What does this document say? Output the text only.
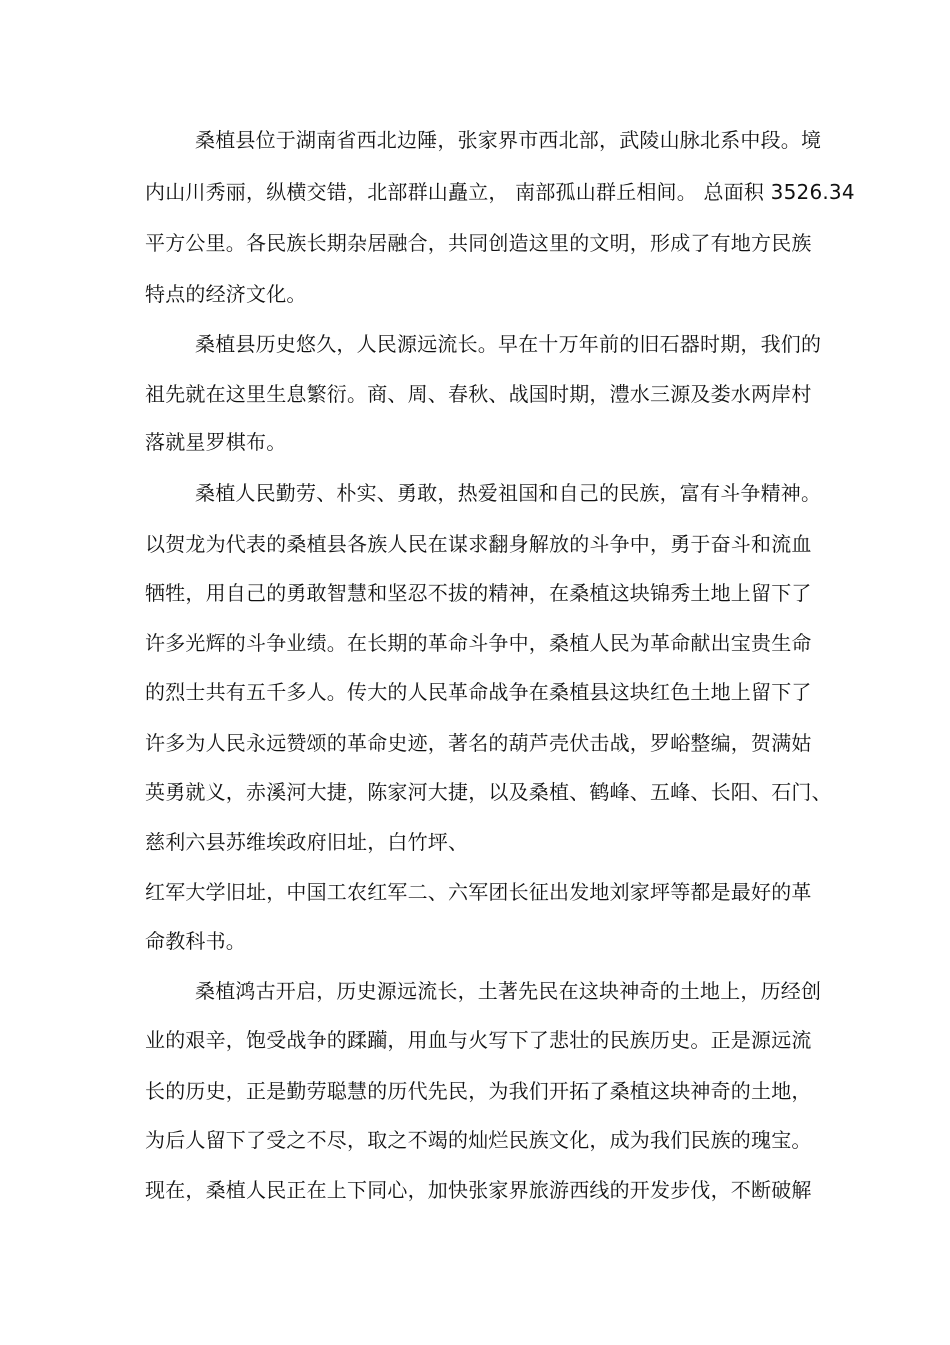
桑植县位于湖南省西北边陲，张家界市西北部，武陵山脉北系中段。境
内山川秀丽，纵横交错，北部群山矗立， 南部孤山群丘相间。 总面积 3526.34
平方公里。各民族长期杂居融合，共同创造这里的文明，形成了有地方民族
特点的经济文化。
桑植县历史悠久，人民源远流长。早在十万年前的旧石器时期，我们的
祖先就在这里生息繁衍。商、周、春秋、战国时期，澧水三源及娄水两岸村
落就星罗棋布。
桑植人民勤劳、朴实、勇敢，热爱祖国和自己的民族，富有斗争精神。
以贺龙为代表的桑植县各族人民在谋求翻身解放的斗争中，勇于奋斗和流血
牺牲，用自己的勇敢智慧和坚忍不拔的精神，在桑植这块锦秀土地上留下了
许多光辉的斗争业绩。在长期的革命斗争中，桑植人民为革命献出宝贵生命
的烈士共有五千多人。传大的人民革命战争在桑植县这块红色土地上留下了
许多为人民永远赞颂的革命史迹，著名的葫芦壳伏击战，罗峪整编，贺满姑
英勇就义，赤溪河大捷，陈家河大捷，以及桑植、鹤峰、五峰、长阳、石门、
慈利六县苏维埃政府旧址，白竹坪、
红军大学旧址，中国工农红军二、六军团长征出发地刘家坪等都是最好的革
命教科书。
桑植鸿古开启，历史源远流长，土著先民在这块神奇的土地上，历经创
业的艰辛，饱受战争的蹂躏，用血与火写下了悲壮的民族历史。正是源远流
长的历史，正是勤劳聪慧的历代先民，为我们开拓了桑植这块神奇的土地，
为后人留下了受之不尽，取之不竭的灿烂民族文化，成为我们民族的瑰宝。
现在，桑植人民正在上下同心，加快张家界旅游西线的开发步伐，不断破解
